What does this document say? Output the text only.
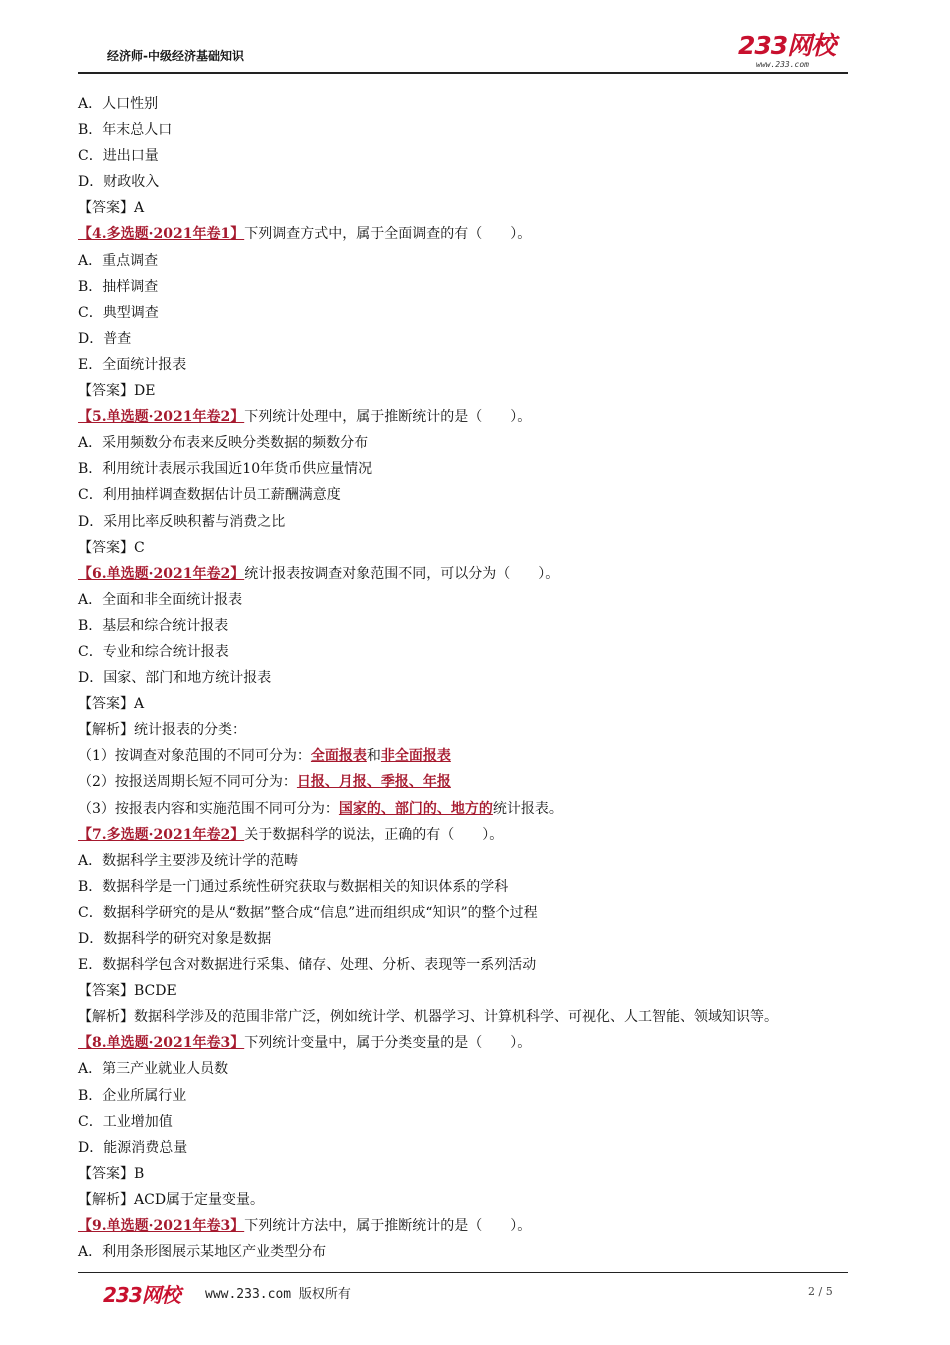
经济师-中级经济基础知识	233网校
www.233.com
A．人口性别
B．年末总人口
C．进出口量
D．财政收入
【答案】A
【4.多选题·2021年卷1】下列调查方式中，属于全面调查的有（　　）。
A．重点调查
B．抽样调查
C．典型调查
D．普查
E．全面统计报表
【答案】DE
【5.单选题·2021年卷2】下列统计处理中，属于推断统计的是（　　）。
A．采用频数分布表来反映分类数据的频数分布
B．利用统计表展示我国近10年货币供应量情况
C．利用抽样调查数据估计员工薪酬满意度
D．采用比率反映积蓄与消费之比
【答案】C
【6.单选题·2021年卷2】统计报表按调查对象范围不同，可以分为（　　）。
A．全面和非全面统计报表
B．基层和综合统计报表
C．专业和综合统计报表
D．国家、部门和地方统计报表
【答案】A
【解析】统计报表的分类：
（1）按调查对象范围的不同可分为：全面报表和非全面报表
（2）按报送周期长短不同可分为：日报、月报、季报、年报
（3）按报表内容和实施范围不同可分为：国家的、部门的、地方的统计报表。
【7.多选题·2021年卷2】关于数据科学的说法，正确的有（　　）。
A．数据科学主要涉及统计学的范畴
B．数据科学是一门通过系统性研究获取与数据相关的知识体系的学科
C．数据科学研究的是从“数据”整合成“信息”进而组织成“知识”的整个过程
D．数据科学的研究对象是数据
E．数据科学包含对数据进行采集、储存、处理、分析、表现等一系列活动
【答案】BCDE
【解析】数据科学涉及的范围非常广泛，例如统计学、机器学习、计算机科学、可视化、人工智能、领域知识等。
【8.单选题·2021年卷3】下列统计变量中，属于分类变量的是（　　）。
A．第三产业就业人员数
B．企业所属行业
C．工业增加值
D．能源消费总量
【答案】B
【解析】ACD属于定量变量。
【9.单选题·2021年卷3】下列统计方法中，属于推断统计的是（　　）。
A．利用条形图展示某地区产业类型分布
233网校 www.233.com 版权所有	2 / 5
